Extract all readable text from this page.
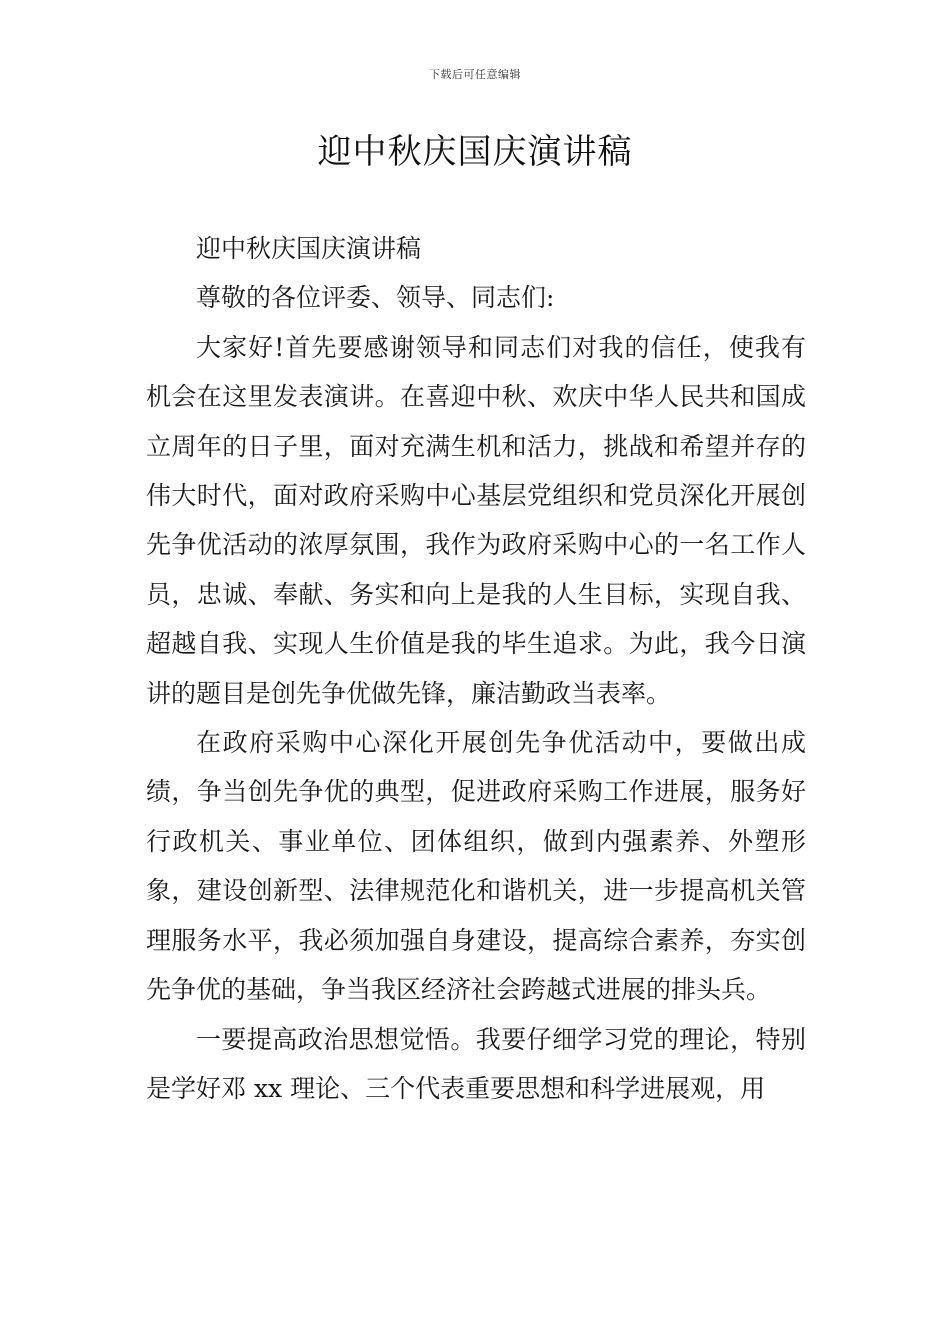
下载后可任意编辑
迎中秋庆国庆演讲稿

迎中秋庆国庆演讲稿

尊敬的各位评委、领导、同志们:

大家好!首先要感谢领导和同志们对我的信任，使我有机会在这里发表演讲。在喜迎中秋、欢庆中华人民共和国成立周年的日子里，面对充满生机和活力，挑战和希望并存的伟大时代，面对政府采购中心基层党组织和党员深化开展创先争优活动的浓厚氛围，我作为政府采购中心的一名工作人员，忠诚、奉献、务实和向上是我的人生目标，实现自我、超越自我、实现人生价值是我的毕生追求。为此，我今日演讲的题目是创先争优做先锋，廉洁勤政当表率。

在政府采购中心深化开展创先争优活动中，要做出成绩，争当创先争优的典型，促进政府采购工作进展，服务好行政机关、事业单位、团体组织，做到内强素养、外塑形象，建设创新型、法律规范化和谐机关，进一步提高机关管理服务水平，我必须加强自身建设，提高综合素养，夯实创先争优的基础，争当我区经济社会跨越式进展的排头兵。

一要提高政治思想觉悟。我要仔细学习党的理论，特别是学好邓 xx 理论、三个代表重要思想和科学进展观，用
